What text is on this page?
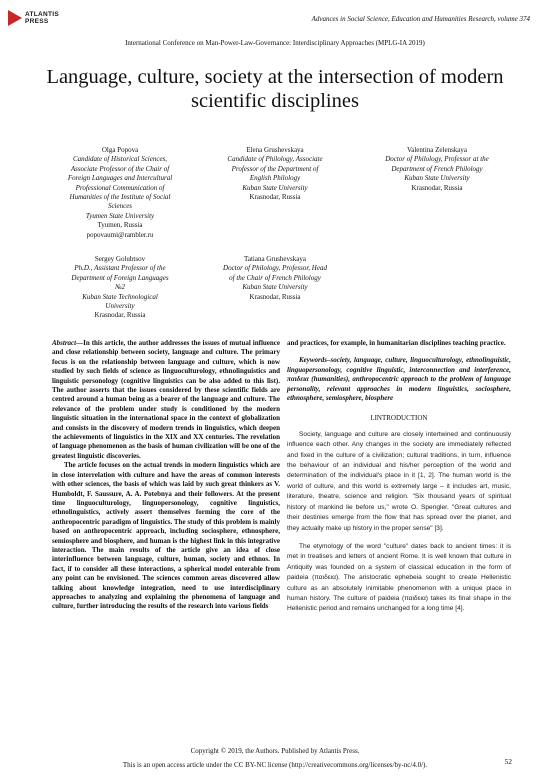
ATLANTIS
PRESS	Advances in Social Science, Education and Humanities Research, volume 374
International Conference on Man-Power-Law-Governance: Interdisciplinary Approaches (MPLG-IA 2019)
Language, culture, society at the intersection of modern scientific disciplines
Olga Popova
Candidate of Historical Sciences,
Associate Professor of the Chair of
Foreign Languages and Intercultural
Professional Communication of
Humanities of the Institute of Social
Sciences
Tyumen State University
Tyumen, Russia
popovaumi@rambler.ru
Elena Grushevskaya
Candidate of Philology, Associate
Professor of the Department of
English Philology
Kuban State University
Krasnodar, Russia
Valentina Zelenskaya
Doctor of Philology, Professor at the
Department of French Philology
Kuban State University
Krasnodar, Russia
Sergey Golubtsov
Ph.D., Assistant Professor of the
Department of Foreign Languages
№2
Kuban State Technological
University
Krasnodar, Russia
Tatiana Grushevskaya
Doctor of Philology, Professor, Head
of the Chair of French Philology
Kuban State University
Krasnodar, Russia

Abstract—In this article, the author addresses the issues of mutual influence and close relationship between society, language and culture. The primary focus is on the relationship between language and culture, which is now studied by such fields of science as linguoculturology, ethnolinguistics and linguistic personology (cognitive linguistics can be also added to this list). The author asserts that the issues considered by these scientific fields are centred around a human being as a bearer of the language and culture. The relevance of the problem under study is conditioned by the modern linguistic situation in the international space in the context of globalization and consists in the discovery of modern trends in linguistics, which deepen the achievements of linguistics in the XIX and XX centuries. The revelation of language phenomenon as the basis of human civilization will be one of the greatest linguistic discoveries.

The article focuses on the actual trends in modern linguistics which are in close interrelation with culture and have the areas of common interests with other sciences, the basis of which was laid by such great thinkers as V. Humboldt, F. Saussure, A. A. Potebnya and their followers. At the present time linguoculturology, linguopersonology, cognitive linguistics, ethnolinguistics, actively assert themselves forming the core of the anthropocentric paradigm of linguistics. The study of this problem is mainly based on anthropocentric approach, including sociosphere, ethnosphere, semiosphere and biosphere, and human is the highest link in this integrative interaction. The main results of the article give an idea of close interinfluence between language, culture, human, society and ethnos. In fact, if to consider all these interactions, a spherical model enterable from any point can be envisioned. The sciences common areas discovered allow talking about knowledge integration, need to use interdisciplinary approaches to analyzing and explaining the phenomena of language and culture, further introducing the results of the research into various fields

and practices, for example, in humanitarian disciplines teaching practice.

Keywords–society, language, culture, linguoculturology, ethnolinguistic, linguopersonology, cognitive linguistic, interconnection and interference, παιδεια (humanities), anthropocentric approach to the problem of language personality, relevant approaches in modern linguistics, sociosphere, ethnosphere, semiosphere, biosphere

I.INTRODUCTION

Society, language and culture are closely intertwined and continuously influence each other. Any changes in the society are immediately reflected and fixed in the culture of a civilization; cultural traditions, in turn, influence the behaviour of an individual and his/her perception of the world and determination of the individual's place in it [1, 2]. The human world is the world of culture, and this world is extremely large – it includes art, music, literature, theatre, science and religion. "Six thousand years of spiritual history of mankind lie before us," wrote O. Spengler. "Great cultures and their destinies emerge from the flow that has spread over the planet, and they actually make up history in the proper sense" [3].

The etymology of the word "culture" dates back to ancient times: it is met in treatises and letters of ancient Rome. It is well known that culture in Antiquity was founded on a system of classical education in the form of paideia (παιδεια). The aristocratic ephebeia sought to create Hellenistic culture as an absolutely inimitable phenomenon with a unique place in human history. The culture of paideia (παιδεια) takes its final shape in the Hellenistic period and remains unchanged for a long time [4].

Copyright © 2019, the Authors. Published by Atlantis Press.
This is an open access article under the CC BY-NC license (http://creativecommons.org/licenses/by-nc/4.0/).	52
